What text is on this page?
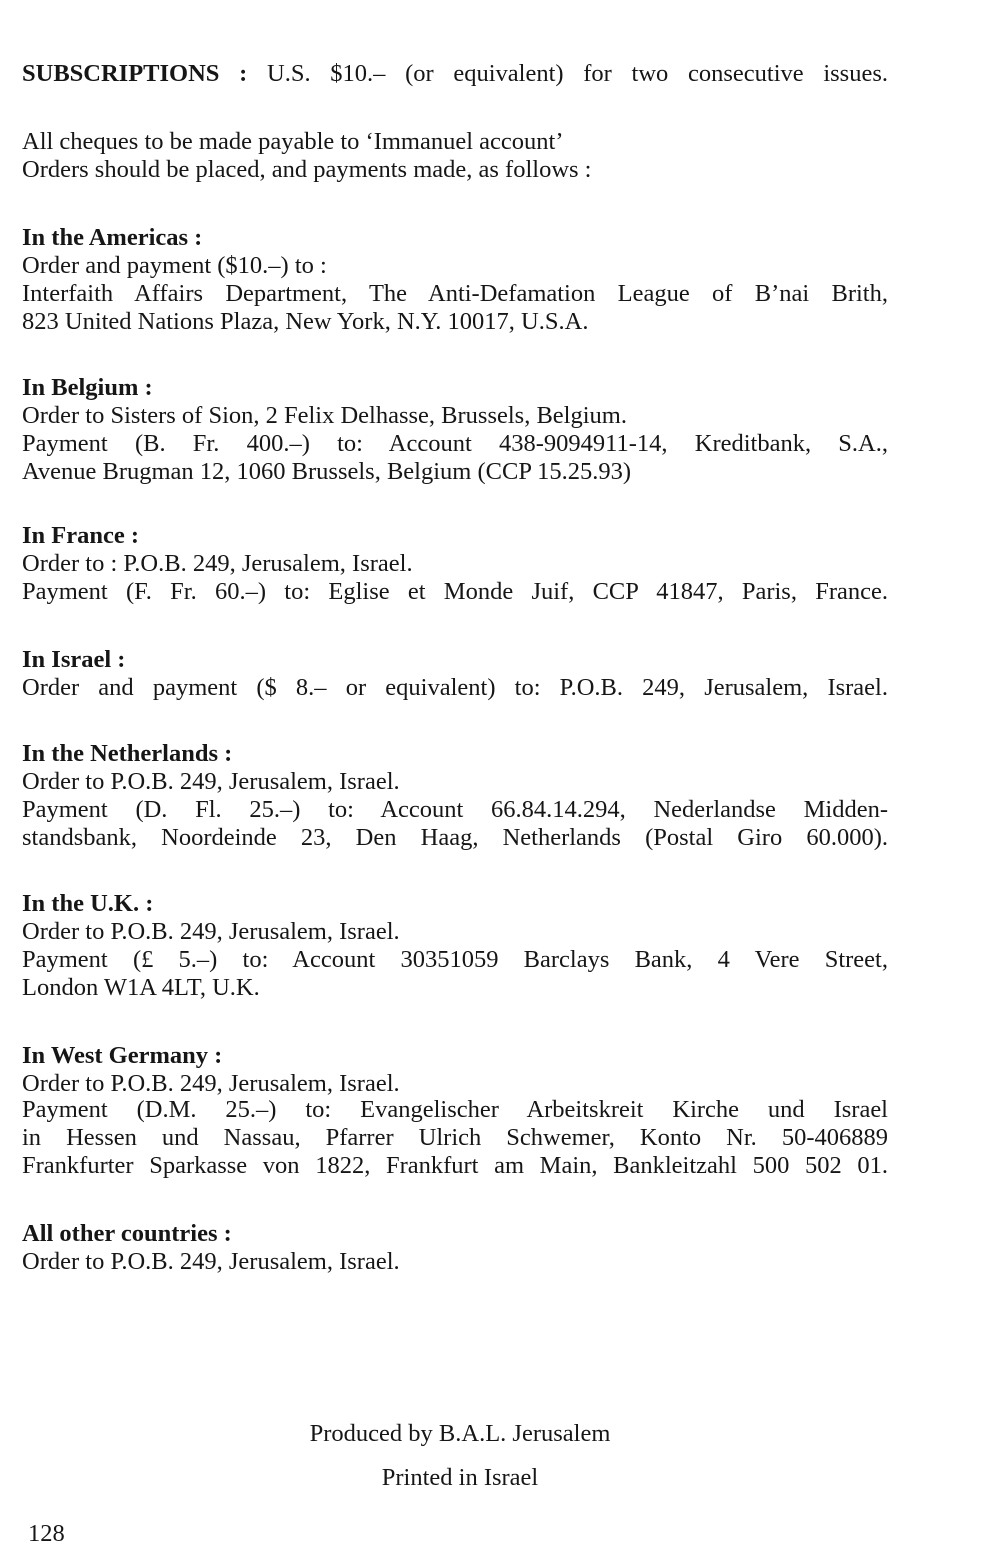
SUBSCRIPTIONS : U.S. $10.– (or equivalent) for two consecutive issues.

All cheques to be made payable to ‘Immanuel account’

Orders should be placed, and payments made, as follows :

In the Americas :

Order and payment ($10.–) to :

Interfaith Affairs Department, The Anti-Defamation League of B’nai Brith,

823 United Nations Plaza, New York, N.Y. 10017, U.S.A.

In Belgium :

Order to Sisters of Sion, 2 Felix Delhasse, Brussels, Belgium.

Payment (B. Fr. 400.–) to: Account 438-9094911-14, Kreditbank, S.A.,

Avenue Brugman 12, 1060 Brussels, Belgium (CCP 15.25.93)

In France :

Order to : P.O.B. 249, Jerusalem, Israel.

Payment (F. Fr. 60.–) to: Eglise et Monde Juif, CCP 41847, Paris, France.

In Israel :

Order and payment ($ 8.– or equivalent) to: P.O.B. 249, Jerusalem, Israel.

In the Netherlands :

Order to P.O.B. 249, Jerusalem, Israel.

Payment (D. Fl. 25.–) to: Account 66.84.14.294, Nederlandse Midden-

standsbank, Noordeinde 23, Den Haag, Netherlands (Postal Giro 60.000).

In the U.K. :

Order to P.O.B. 249, Jerusalem, Israel.

Payment (£ 5.–) to: Account 30351059 Barclays Bank, 4 Vere Street,

London W1A 4LT, U.K.

In West Germany :

Order to P.O.B. 249, Jerusalem, Israel.

Payment (D.M. 25.–) to: Evangelischer Arbeitskreit Kirche und Israel

in Hessen und Nassau, Pfarrer Ulrich Schwemer, Konto Nr. 50-406889

Frankfurter Sparkasse von 1822, Frankfurt am Main, Bankleitzahl 500 502 01.

All other countries :

Order to P.O.B. 249, Jerusalem, Israel.

Produced by B.A.L. Jerusalem

Printed in Israel

128
